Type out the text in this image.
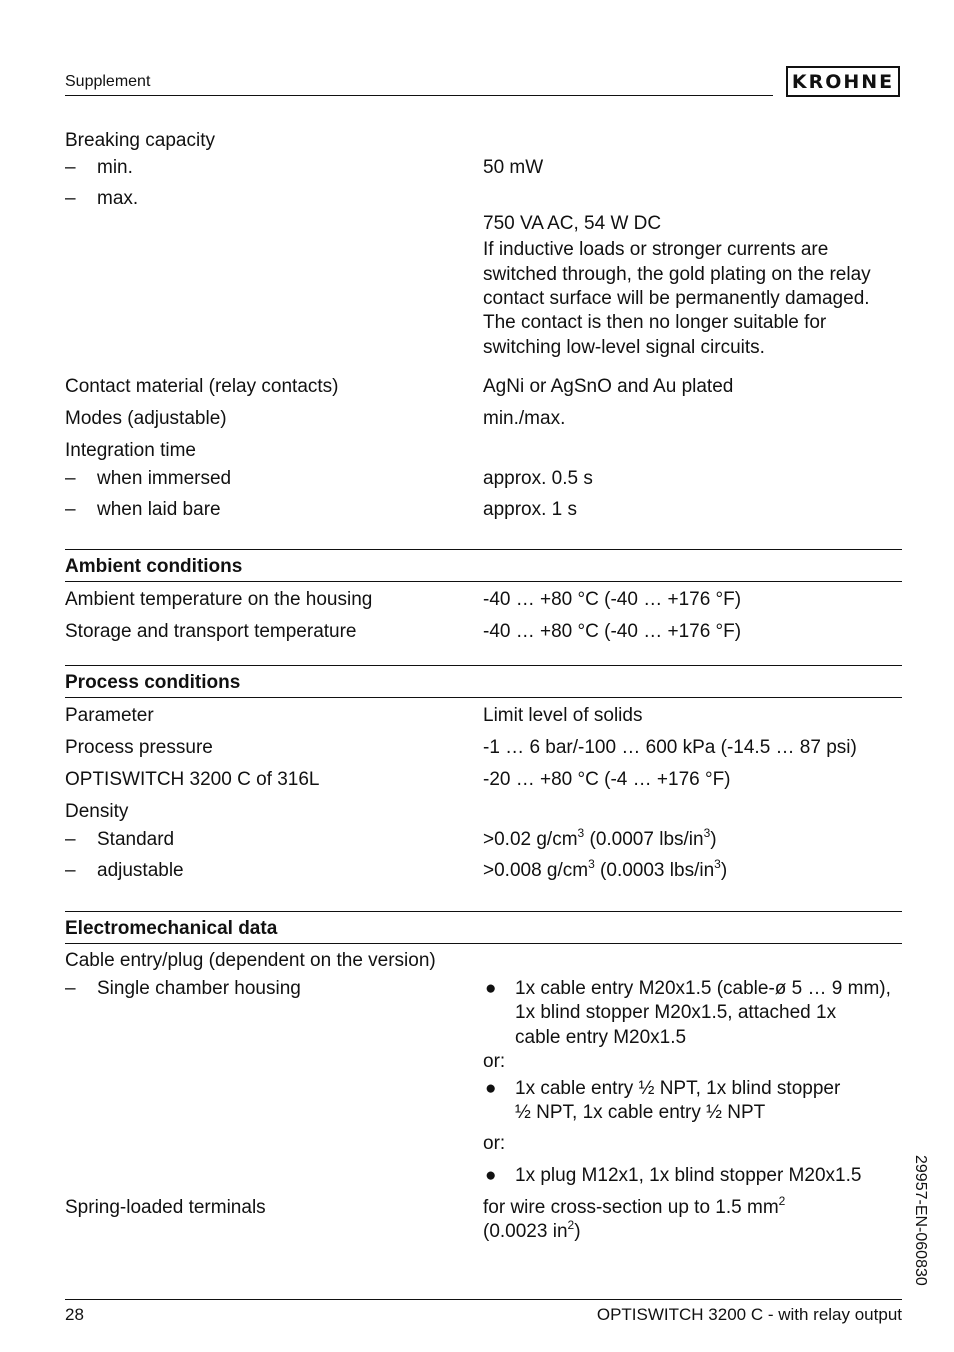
Supplement	KROHNE
Breaking capacity
– min.	50 mW
– max.
750 VA AC, 54 W DC
If inductive loads or stronger currents are
switched through, the gold plating on the relay
contact surface will be permanently damaged.
The contact is then no longer suitable for
switching low-level signal circuits.
Contact material (relay contacts)	AgNi or AgSnO and Au plated
Modes (adjustable)	min./max.
Integration time
– when immersed	approx. 0.5 s
– when laid bare	approx. 1 s
Ambient conditions
Ambient temperature on the housing	-40 … +80 °C (-40 … +176 °F)
Storage and transport temperature	-40 … +80 °C (-40 … +176 °F)
Process conditions
Parameter	Limit level of solids
Process pressure	-1 … 6 bar/-100 … 600 kPa (-14.5 … 87 psi)
OPTISWITCH 3200 C of 316L	-20 … +80 °C (-4 … +176 °F)
Density
– Standard	>0.02 $g/cm^3$ (0.0007 lbs/$in^3$)
– adjustable	>0.008 $g/cm^3$ (0.0003 lbs/$in^3$)
Electromechanical data
Cable entry/plug (dependent on the version)
– Single chamber housing	● 1x cable entry M20x1.5 (cable-ø 5 … 9 mm),
1x blind stopper M20x1.5, attached 1x
cable entry M20x1.5
or:
● 1x cable entry ½ NPT, 1x blind stopper
½ NPT, 1x cable entry ½ NPT
or:
● 1x plug M12x1, 1x blind stopper M20x1.5
Spring-loaded terminals	for wire cross-section up to 1.5 $mm^2$
(0.0023 $in^2$)	29957-EN-060830
28	OPTISWITCH 3200 C - with relay output
